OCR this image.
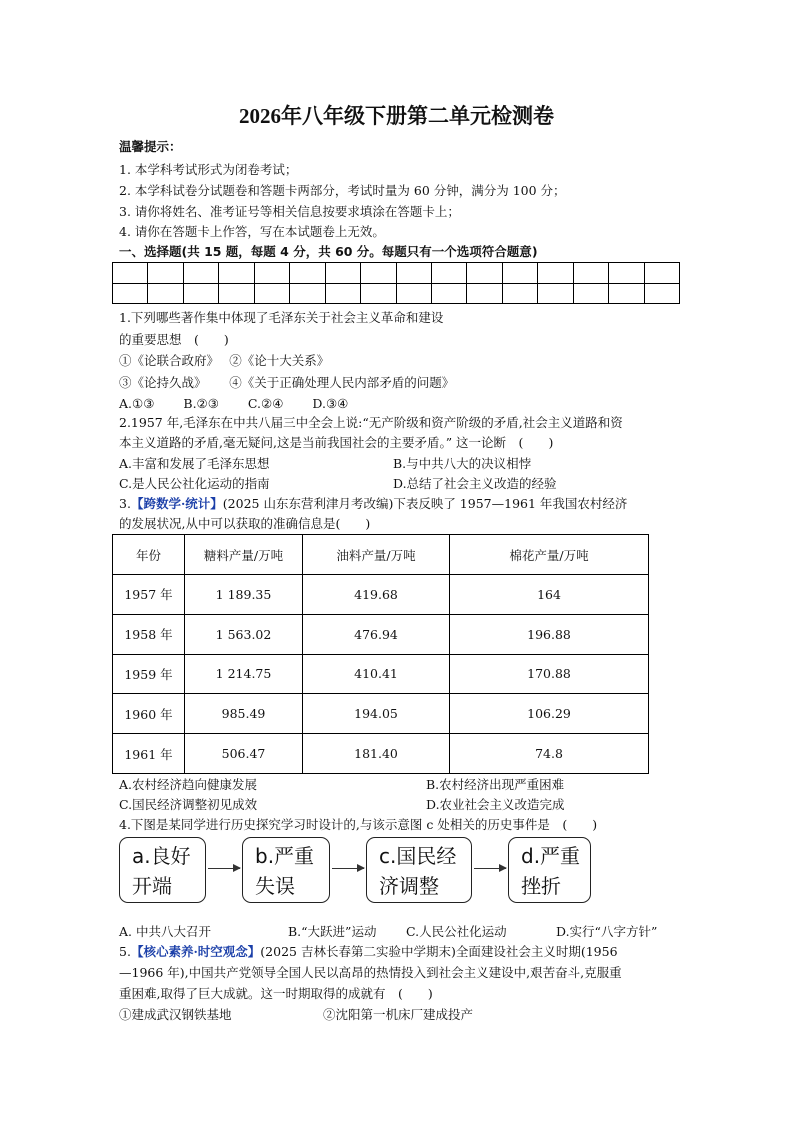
2026年八年级下册第二单元检测卷
温馨提示：
1. 本学科考试形式为闭卷考试；
2. 本学科试卷分试题卷和答题卡两部分，考试时量为 60 分钟，满分为 100 分；
3. 请你将姓名、准考证号等相关信息按要求填涂在答题卡上；
4. 请你在答题卡上作答，写在本试题卷上无效。
一、选择题(共 15 题，每题 4 分，共 60 分。每题只有一个选项符合题意)

1.下列哪些著作集中体现了毛泽东关于社会主义革命和建设
的重要思想　(　　)
①《论联合政府》　 ②《论十大关系》
③《论持久战》　　 ④《关于正确处理人民内部矛盾的问题》
A.①③　　 B.②③　　 C.②④　　 D.③④
2.1957 年,毛泽东在中共八届三中全会上说:“无产阶级和资产阶级的矛盾,社会主义道路和资
本主义道路的矛盾,毫无疑问,这是当前我国社会的主要矛盾。” 这一论断　(　　)
A.丰富和发展了毛泽东思想	B.与中共八大的决议相悖
C.是人民公社化运动的指南	D.总结了社会主义改造的经验
3.【跨数学·统计】(2025 山东东营利津月考改编)下表反映了 1957—1961 年我国农村经济
的发展状况,从中可以获取的准确信息是(　　)
年份	糖料产量/万吨	油料产量/万吨	棉花产量/万吨
1957 年	1 189.35	419.68	164
1958 年	1 563.02	476.94	196.88
1959 年	1 214.75	410.41	170.88
1960 年	985.49	194.05	106.29
1961 年	506.47	181.40	74.8
A.农村经济趋向健康发展	B.农村经济出现严重困难
C.国民经济调整初见成效	D.农业社会主义改造完成
4.下图是某同学进行历史探究学习时设计的,与该示意图 c 处相关的历史事件是　(　　)
a.良好
开端
b.严重
失误
c.国民经
济调整
d.严重
挫折
A. 中共八大召开	B.“大跃进”运动 C.人民公社化运动	D.实行“八字方针”
5.【核心素养·时空观念】(2025 吉林长春第二实验中学期末)全面建设社会主义时期(1956
—1966 年),中国共产党领导全国人民以高昂的热情投入到社会主义建设中,艰苦奋斗,克服重
重困难,取得了巨大成就。这一时期取得的成就有　(　　)
①建成武汉钢铁基地	②沈阳第一机床厂建成投产
